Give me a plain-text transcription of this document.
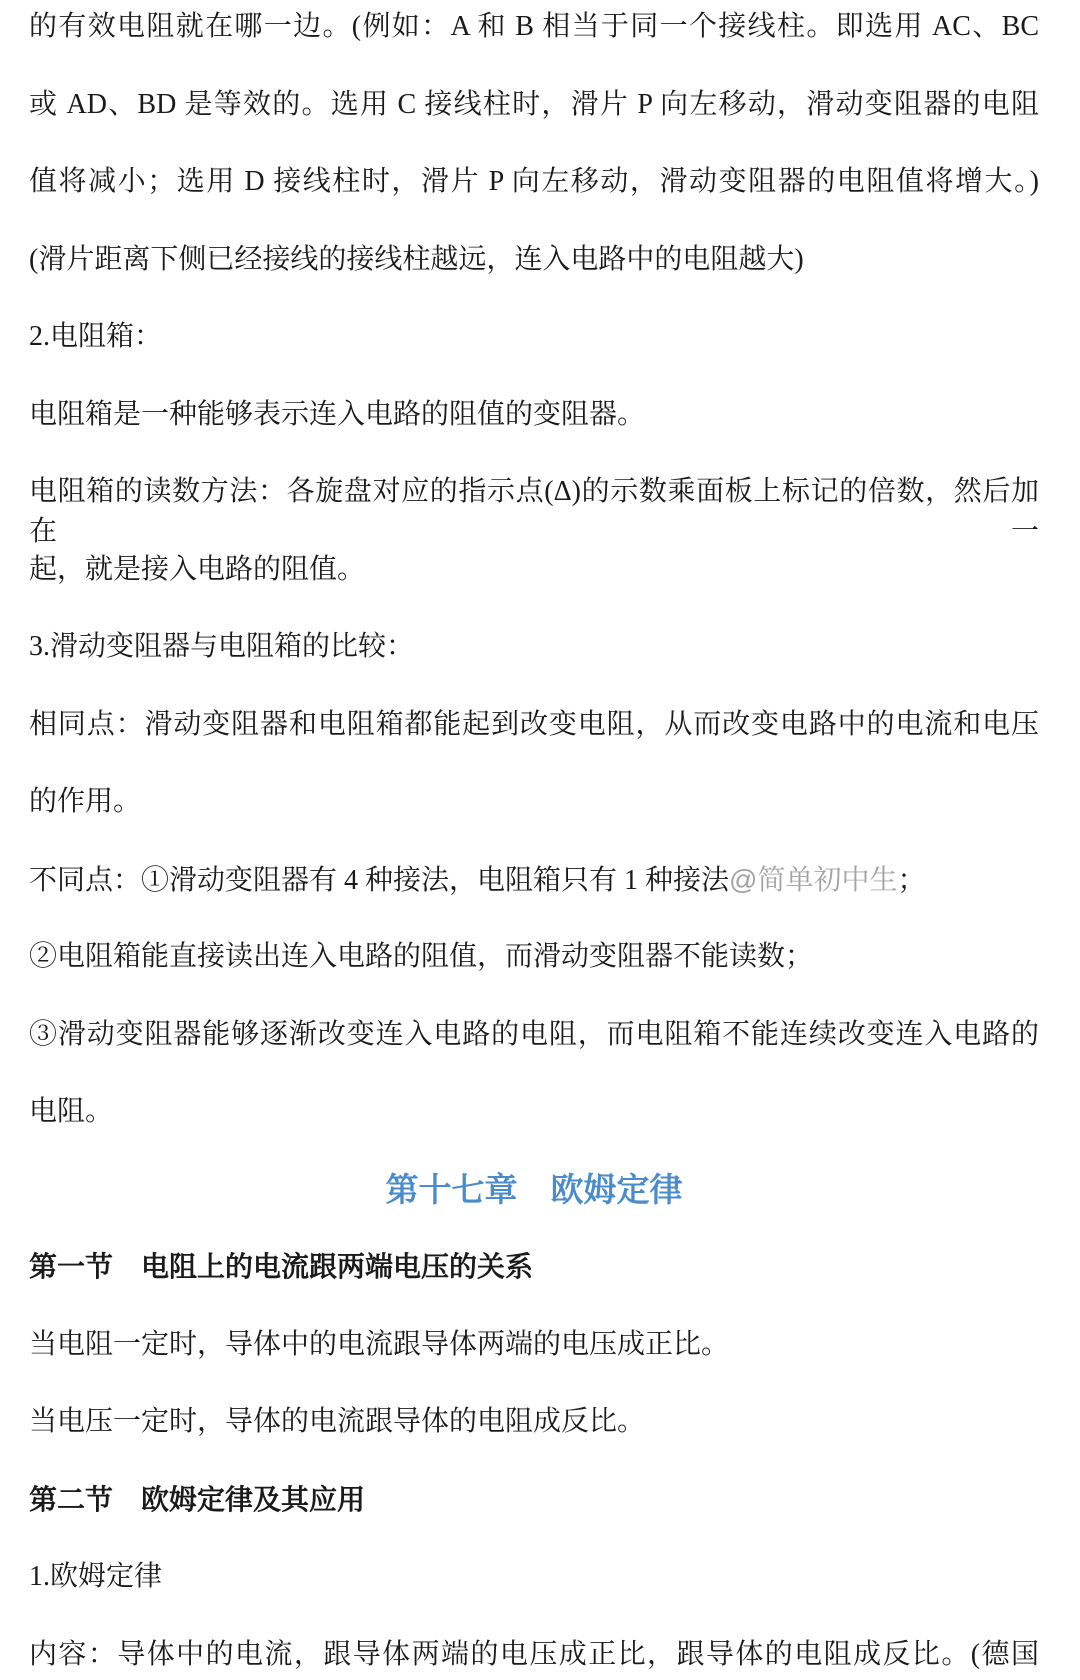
的有效电阻就在哪一边。(例如：A 和 B 相当于同一个接线柱。即选用 AC、BC
或 AD、BD 是等效的。选用 C 接线柱时，滑片 P 向左移动，滑动变阻器的电阻
值将减小；选用 D 接线柱时，滑片 P 向左移动，滑动变阻器的电阻值将增大。)
(滑片距离下侧已经接线的接线柱越远，连入电路中的电阻越大)
2.电阻箱：
电阻箱是一种能够表示连入电路的阻值的变阻器。
电阻箱的读数方法：各旋盘对应的指示点(Δ)的示数乘面板上标记的倍数，然后加在一
起，就是接入电路的阻值。
3.滑动变阻器与电阻箱的比较：
相同点：滑动变阻器和电阻箱都能起到改变电阻，从而改变电路中的电流和电压
的作用。
不同点：①滑动变阻器有 4 种接法，电阻箱只有 1 种接法@简单初中生；
②电阻箱能直接读出连入电路的阻值，而滑动变阻器不能读数；
③滑动变阻器能够逐渐改变连入电路的电阻，而电阻箱不能连续改变连入电路的
电阻。
第十七章　欧姆定律
第一节　电阻上的电流跟两端电压的关系
当电阻一定时，导体中的电流跟导体两端的电压成正比。
当电压一定时，导体的电流跟导体的电阻成反比。
第二节　欧姆定律及其应用
1.欧姆定律
内容：导体中的电流，跟导体两端的电压成正比，跟导体的电阻成反比。(德国
